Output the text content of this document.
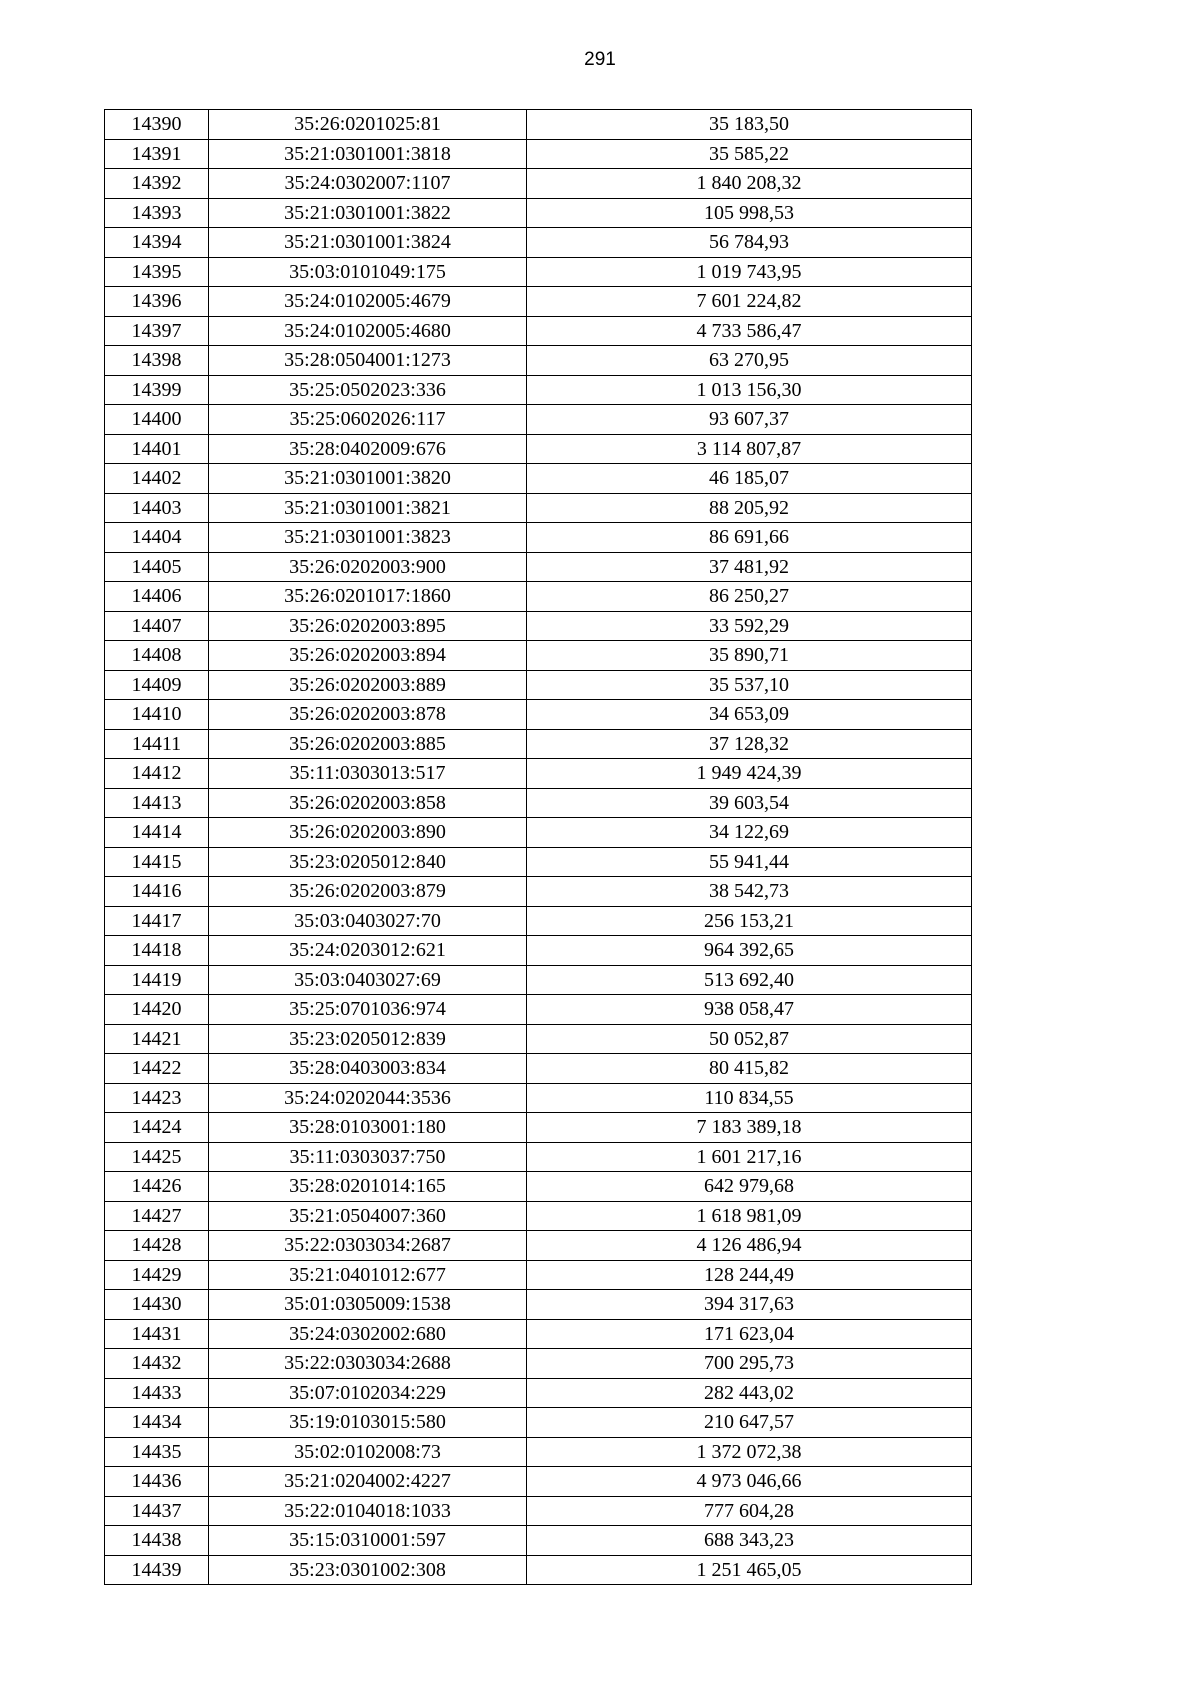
291
14390	35:26:0201025:81	35 183,50
14391	35:21:0301001:3818	35 585,22
14392	35:24:0302007:1107	1 840 208,32
14393	35:21:0301001:3822	105 998,53
14394	35:21:0301001:3824	56 784,93
14395	35:03:0101049:175	1 019 743,95
14396	35:24:0102005:4679	7 601 224,82
14397	35:24:0102005:4680	4 733 586,47
14398	35:28:0504001:1273	63 270,95
14399	35:25:0502023:336	1 013 156,30
14400	35:25:0602026:117	93 607,37
14401	35:28:0402009:676	3 114 807,87
14402	35:21:0301001:3820	46 185,07
14403	35:21:0301001:3821	88 205,92
14404	35:21:0301001:3823	86 691,66
14405	35:26:0202003:900	37 481,92
14406	35:26:0201017:1860	86 250,27
14407	35:26:0202003:895	33 592,29
14408	35:26:0202003:894	35 890,71
14409	35:26:0202003:889	35 537,10
14410	35:26:0202003:878	34 653,09
14411	35:26:0202003:885	37 128,32
14412	35:11:0303013:517	1 949 424,39
14413	35:26:0202003:858	39 603,54
14414	35:26:0202003:890	34 122,69
14415	35:23:0205012:840	55 941,44
14416	35:26:0202003:879	38 542,73
14417	35:03:0403027:70	256 153,21
14418	35:24:0203012:621	964 392,65
14419	35:03:0403027:69	513 692,40
14420	35:25:0701036:974	938 058,47
14421	35:23:0205012:839	50 052,87
14422	35:28:0403003:834	80 415,82
14423	35:24:0202044:3536	110 834,55
14424	35:28:0103001:180	7 183 389,18
14425	35:11:0303037:750	1 601 217,16
14426	35:28:0201014:165	642 979,68
14427	35:21:0504007:360	1 618 981,09
14428	35:22:0303034:2687	4 126 486,94
14429	35:21:0401012:677	128 244,49
14430	35:01:0305009:1538	394 317,63
14431	35:24:0302002:680	171 623,04
14432	35:22:0303034:2688	700 295,73
14433	35:07:0102034:229	282 443,02
14434	35:19:0103015:580	210 647,57
14435	35:02:0102008:73	1 372 072,38
14436	35:21:0204002:4227	4 973 046,66
14437	35:22:0104018:1033	777 604,28
14438	35:15:0310001:597	688 343,23
14439	35:23:0301002:308	1 251 465,05
